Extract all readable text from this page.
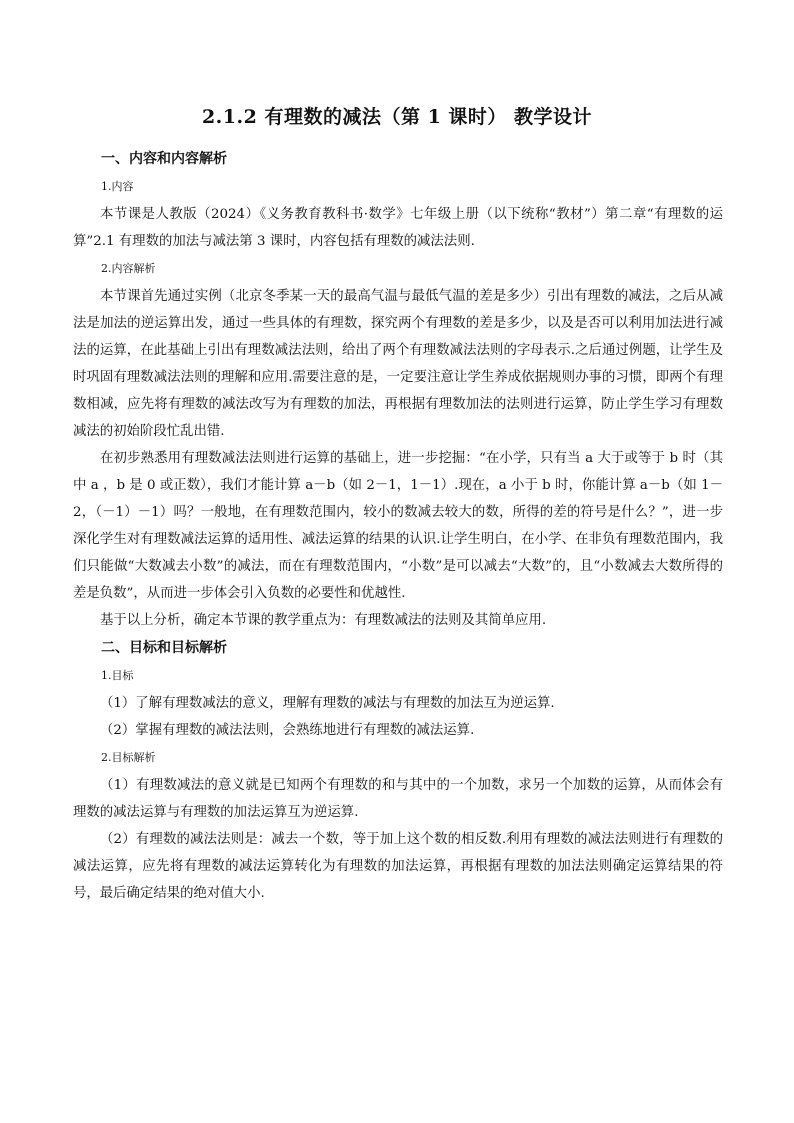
2.1.2 有理数的减法（第 1 课时） 教学设计
一、内容和内容解析
1.内容

本节课是人教版（2024）《义务教育教科书·数学》七年级上册（以下统称“教材”）第二章“有理数的运算”2.1 有理数的加法与减法第 3 课时，内容包括有理数的减法法则.

2.内容解析

本节课首先通过实例（北京冬季某一天的最高气温与最低气温的差是多少）引出有理数的减法，之后从减法是加法的逆运算出发，通过一些具体的有理数，探究两个有理数的差是多少，以及是否可以利用加法进行减法的运算，在此基础上引出有理数减法法则，给出了两个有理数减法法则的字母表示.之后通过例题，让学生及时巩固有理数减法法则的理解和应用.需要注意的是，一定要注意让学生养成依据规则办事的习惯，即两个有理数相减，应先将有理数的减法改写为有理数的加法，再根据有理数加法的法则进行运算，防止学生学习有理数减法的初始阶段忙乱出错.

在初步熟悉用有理数减法法则进行运算的基础上，进一步挖掘：“在小学，只有当 a 大于或等于 b 时（其中 a ，b 是 0 或正数），我们才能计算 a－b（如 2－1，1－1）.现在，a 小于 b 时，你能计算 a－b（如 1－2，（－1）－1）吗？一般地，在有理数范围内，较小的数减去较大的数，所得的差的符号是什么？”，进一步深化学生对有理数减法运算的适用性、减法运算的结果的认识.让学生明白，在小学、在非负有理数范围内，我们只能做“大数减去小数”的减法，而在有理数范围内，“小数”是可以减去“大数”的，且“小数减去大数所得的差是负数”，从而进一步体会引入负数的必要性和优越性.

基于以上分析，确定本节课的教学重点为：有理数减法的法则及其简单应用.

二、目标和目标解析
1.目标

（1）了解有理数减法的意义，理解有理数的减法与有理数的加法互为逆运算.

（2）掌握有理数的减法法则，会熟练地进行有理数的减法运算.

2.目标解析

（1）有理数减法的意义就是已知两个有理数的和与其中的一个加数，求另一个加数的运算，从而体会有理数的减法运算与有理数的加法运算互为逆运算.

（2）有理数的减法法则是：减去一个数，等于加上这个数的相反数.利用有理数的减法法则进行有理数的减法运算，应先将有理数的减法运算转化为有理数的加法运算，再根据有理数的加法法则确定运算结果的符号，最后确定结果的绝对值大小.
